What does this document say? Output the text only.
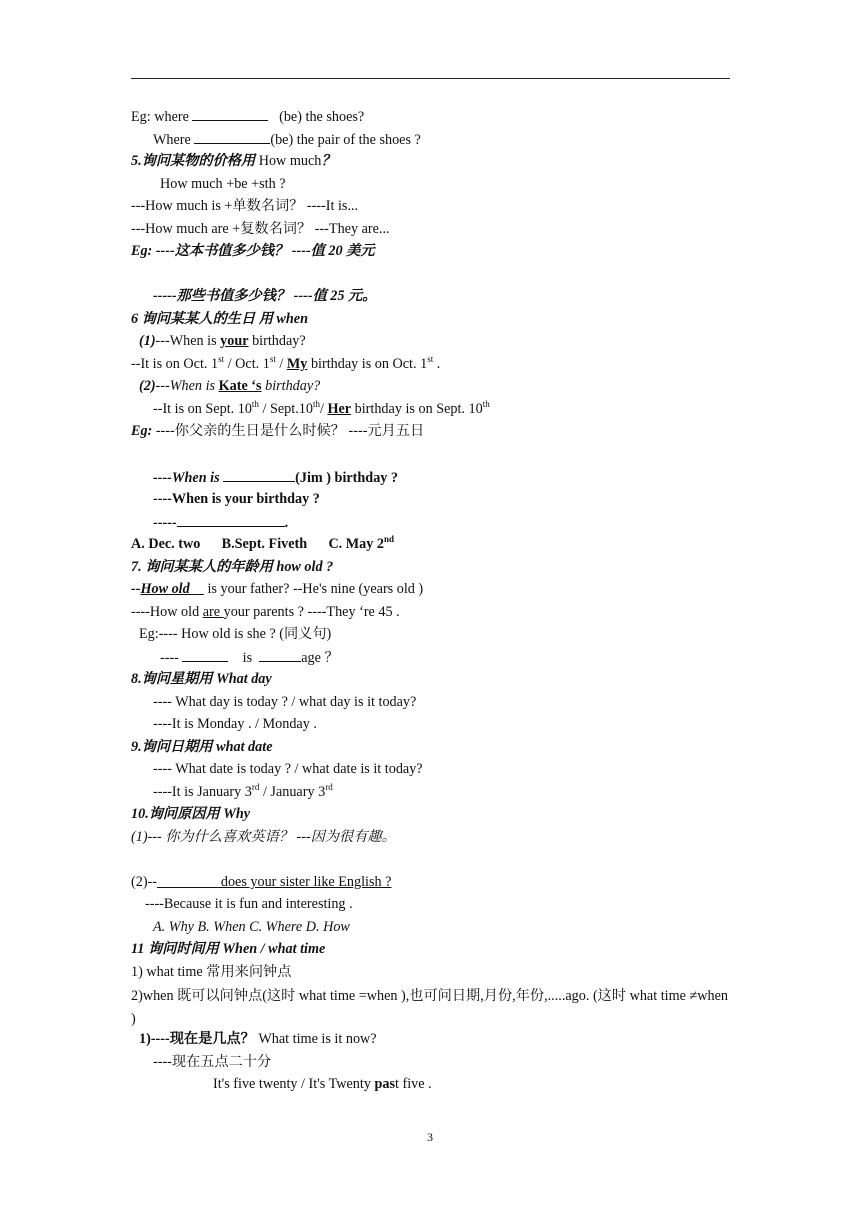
Eg: where	(be) the shoes?
Where	(be) the pair of the shoes ?
5.询问某物的价格用 How much？
How much +be +sth ?
---How much is +单数名词？ ----It is...
---How much are +复数名词？ ---They are...
Eg: ----这本书值多少钱？ ----值 20 美元
-----那些书值多少钱？ ----值 25 元。
6 询问某某人的生日 用 when
(1)---When is your birthday?
--It is on Oct. 1st / Oct. 1st / My birthday is on Oct. 1st .
(2)---When is Kate ‘s birthday?
--It is on Sept. 10th / Sept.10th/ Her birthday is on Sept. 10th
Eg: ----你父亲的生日是什么时候？ ----元月五日
----When is	(Jim ) birthday ?
----When is your birthday ?
-----	.
A. Dec. two B.Sept. Fiveth C. May 2nd
7. 询问某某人的年龄用 how old ?
--How old     is your father? --He's nine (years old )
----How old are your parents ? ----They ‘re 45 .
Eg:---- How old is she ? (同义句)
----	is	age ？
8.询问星期用 What day
---- What day is today ? / what day is it today?
----It is Monday . / Monday .
9.询问日期用 what date
---- What date is today ? / what date is it today?
----It is January 3rd / January 3rd
10.询问原因用 Why
(1)--- 你为什么喜欢英语？ ---因为很有趣。
(2)--	does your sister like English ?
----Because it is fun and interesting .
A. Why B. When C. Where D. How
11 询问时间用 When / what time
1) what time 常用来问钟点
2)when 既可以问钟点(这时 what time =when ),也可问日期,月份,年份,.....ago. (这时 what time ≠when )
1)----现在是几点？ What time is it now?
----现在五点二十分
It's five twenty / It's Twenty past five .
3
